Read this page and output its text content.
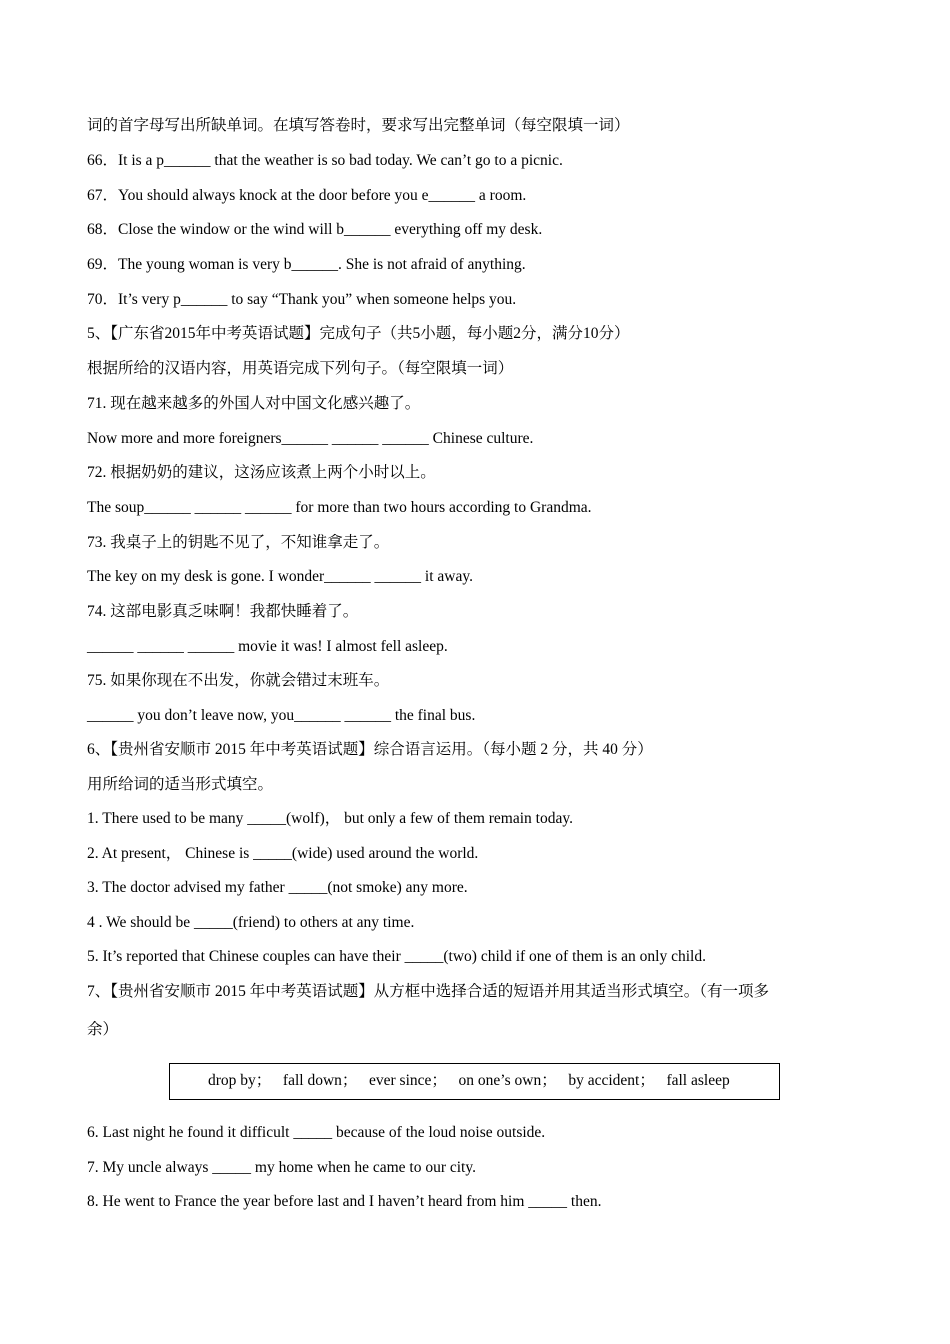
词的首字母写出所缺单词。在填写答卷时，要求写出完整单词（每空限填一词）
66．It is a p______ that the weather is so bad today. We can’t go to a picnic.
67．You should always knock at the door before you e______ a room.
68．Close the window or the wind will b______ everything off my desk.
69．The young woman is very b______. She is not afraid of anything.
70．It’s very p______ to say “Thank you” when someone helps you.
5、【广东省2015年中考英语试题】完成句子（共5小题，每小题2分，满分10分）
根据所给的汉语内容，用英语完成下列句子。（每空限填一词）
71. 现在越来越多的外国人对中国文化感兴趣了。
Now more and more foreigners______ ______ ______ Chinese culture.
72. 根据奶奶的建议，这汤应该煮上两个小时以上。
The soup______ ______ ______ for more than two hours according to Grandma.
73. 我桌子上的钥匙不见了，不知谁拿走了。
The key on my desk is gone. I wonder______ ______ it away.
74. 这部电影真乏味啊！我都快睡着了。
______ ______ ______ movie it was! I almost fell asleep.
75. 如果你现在不出发，你就会错过末班车。
______ you don’t leave now, you______ ______ the final bus.
6、【贵州省安顺市 2015 年中考英语试题】综合语言运用。（每小题 2 分，共 40 分）
用所给词的适当形式填空。
1. There used to be many _____(wolf)， but only a few of them remain today.
2. At present， Chinese is _____(wide) used around the world.
3. The doctor advised my father _____(not smoke) any more.
4 . We should be _____(friend) to others at any time.
5. It’s reported that Chinese couples can have their _____(two) child if one of them is an only child.
7、【贵州省安顺市 2015 年中考英语试题】从方框中选择合适的短语并用其适当形式填空。（有一项多
余）
drop by；   fall down；   ever since；   on one’s own；   by accident；   fall asleep
6. Last night he found it difficult _____ because of the loud noise outside.
7. My uncle always _____ my home when he came to our city.
8. He went to France the year before last and I haven’t heard from him _____ then.
